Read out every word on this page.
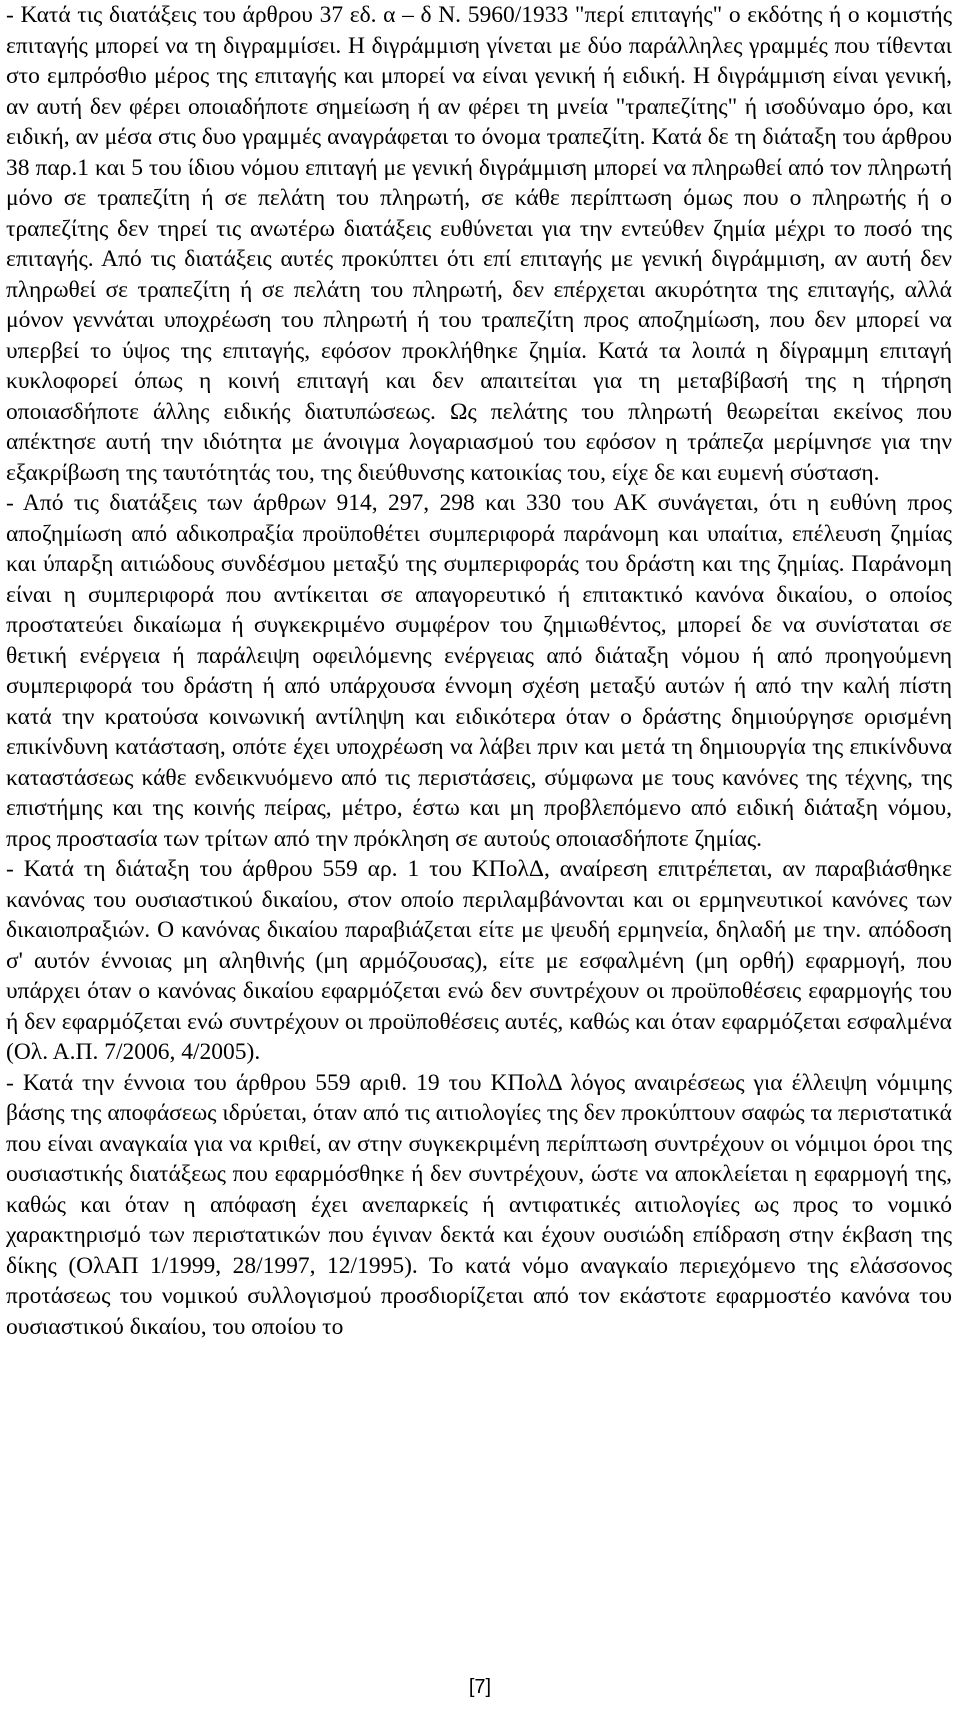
- Κατά τις διατάξεις του άρθρου 37 εδ. α – δ Ν. 5960/1933 "περί επιταγής" ο εκδότης ή ο κομιστής επιταγής μπορεί να τη διγραμμίσει. Η διγράμμιση γίνεται με δύο παράλληλες γραμμές που τίθενται στο εμπρόσθιο μέρος της επιταγής και μπορεί να είναι γενική ή ειδική. Η διγράμμιση είναι γενική, αν αυτή δεν φέρει οποιαδήποτε σημείωση ή αν φέρει τη μνεία "τραπεζίτης" ή ισοδύναμο όρο, και ειδική, αν μέσα στις δυο γραμμές αναγράφεται το όνομα τραπεζίτη. Κατά δε τη διάταξη του άρθρου 38 παρ.1 και 5 του ίδιου νόμου επιταγή με γενική διγράμμιση μπορεί να πληρωθεί από τον πληρωτή μόνο σε τραπεζίτη ή σε πελάτη του πληρωτή, σε κάθε περίπτωση όμως που ο πληρωτής ή ο τραπεζίτης δεν τηρεί τις ανωτέρω διατάξεις ευθύνεται για την εντεύθεν ζημία μέχρι το ποσό της επιταγής. Από τις διατάξεις αυτές προκύπτει ότι επί επιταγής με γενική διγράμμιση, αν αυτή δεν πληρωθεί σε τραπεζίτη ή σε πελάτη του πληρωτή, δεν επέρχεται ακυρότητα της επιταγής, αλλά μόνον γεννάται υποχρέωση του πληρωτή ή του τραπεζίτη προς αποζημίωση, που δεν μπορεί να υπερβεί το ύψος της επιταγής, εφόσον προκλήθηκε ζημία. Κατά τα λοιπά η δίγραμμη επιταγή κυκλοφορεί όπως η κοινή επιταγή και δεν απαιτείται για τη μεταβίβασή της η τήρηση οποιασδήποτε άλλης ειδικής διατυπώσεως. Ως πελάτης του πληρωτή θεωρείται εκείνος που απέκτησε αυτή την ιδιότητα με άνοιγμα λογαριασμού του εφόσον η τράπεζα μερίμνησε για την εξακρίβωση της ταυτότητάς του, της διεύθυνσης κατοικίας του, είχε δε και ευμενή σύσταση.

- Από τις διατάξεις των άρθρων 914, 297, 298 και 330 του ΑΚ συνάγεται, ότι η ευθύνη προς αποζημίωση από αδικοπραξία προϋποθέτει συμπεριφορά παράνομη και υπαίτια, επέλευση ζημίας και ύπαρξη αιτιώδους συνδέσμου μεταξύ της συμπεριφοράς του δράστη και της ζημίας. Παράνομη είναι η συμπεριφορά που αντίκειται σε απαγορευτικό ή επιτακτικό κανόνα δικαίου, ο οποίος προστατεύει δικαίωμα ή συγκεκριμένο συμφέρον του ζημιωθέντος, μπορεί δε να συνίσταται σε θετική ενέργεια ή παράλειψη οφειλόμενης ενέργειας από διάταξη νόμου ή από προηγούμενη συμπεριφορά του δράστη ή από υπάρχουσα έννομη σχέση μεταξύ αυτών ή από την καλή πίστη κατά την κρατούσα κοινωνική αντίληψη και ειδικότερα όταν ο δράστης δημιούργησε ορισμένη επικίνδυνη κατάσταση, οπότε έχει υποχρέωση να λάβει πριν και μετά τη δημιουργία της επικίνδυνα καταστάσεως κάθε ενδεικνυόμενο από τις περιστάσεις, σύμφωνα με τους κανόνες της τέχνης, της επιστήμης και της κοινής πείρας, μέτρο, έστω και μη προβλεπόμενο από ειδική διάταξη νόμου, προς προστασία των τρίτων από την πρόκληση σε αυτούς οποιασδήποτε ζημίας.

- Κατά τη διάταξη του άρθρου 559 αρ. 1 του ΚΠολΔ, αναίρεση επιτρέπεται, αν παραβιάσθηκε κανόνας του ουσιαστικού δικαίου, στον οποίο περιλαμβάνονται και οι ερμηνευτικοί κανόνες των δικαιοπραξιών. Ο κανόνας δικαίου παραβιάζεται είτε με ψευδή ερμηνεία, δηλαδή με την. απόδοση σ' αυτόν έννοιας μη αληθινής (μη αρμόζουσας), είτε με εσφαλμένη (μη ορθή) εφαρμογή, που υπάρχει όταν ο κανόνας δικαίου εφαρμόζεται ενώ δεν συντρέχουν οι προϋποθέσεις εφαρμογής του ή δεν εφαρμόζεται ενώ συντρέχουν οι προϋποθέσεις αυτές, καθώς και όταν εφαρμόζεται εσφαλμένα (Ολ. Α.Π. 7/2006, 4/2005).

- Κατά την έννοια του άρθρου 559 αριθ. 19 του ΚΠολΔ λόγος αναιρέσεως για έλλειψη νόμιμης βάσης της αποφάσεως ιδρύεται, όταν από τις αιτιολογίες της δεν προκύπτουν σαφώς τα περιστατικά που είναι αναγκαία για να κριθεί, αν στην συγκεκριμένη περίπτωση συντρέχουν οι νόμιμοι όροι της ουσιαστικής διατάξεως που εφαρμόσθηκε ή δεν συντρέχουν, ώστε να αποκλείεται η εφαρμογή της, καθώς και όταν η απόφαση έχει ανεπαρκείς ή αντιφατικές αιτιολογίες ως προς το νομικό χαρακτηρισμό των περιστατικών που έγιναν δεκτά και έχουν ουσιώδη επίδραση στην έκβαση της δίκης (ΟλΑΠ 1/1999, 28/1997, 12/1995). Το κατά νόμο αναγκαίο περιεχόμενο της ελάσσονος προτάσεως του νομικού συλλογισμού προσδιορίζεται από τον εκάστοτε εφαρμοστέο κανόνα του ουσιαστικού δικαίου, του οποίου το

[7]
